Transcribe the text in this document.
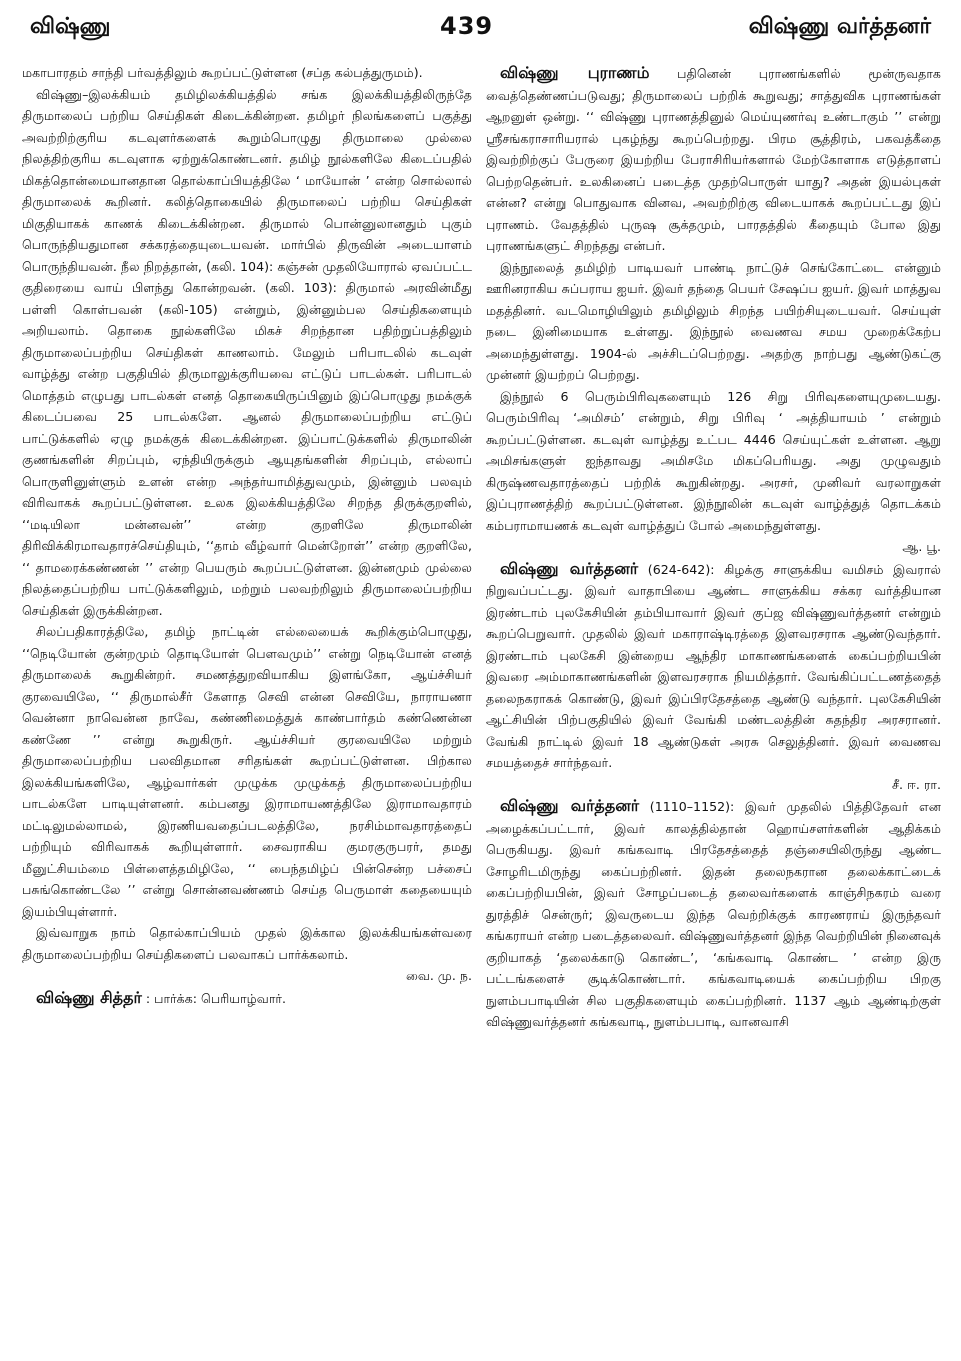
விஷ்ணு	439	விஷ்ணு வர்த்தனர்

மகாபாரதம் சாந்தி பர்வத்திலும் கூறப்பட்டுள்ளன (சப்த கல்பத்துருமம்).

விஷ்ணு–இலக்கியம் தமிழிலக்கியத்தில் சங்க இலக்கியத்திலிருந்தே திருமாலைப் பற்றிய செய்திகள் கிடைக்கின்றன. தமிழர் நிலங்களைப் பகுத்து அவற்றிற்குரிய கடவுளர்களைக் கூறும்பொழுது திருமாலை முல்லை நிலத்திற்குரிய கடவுளாக ஏற்றுக்கொண்டனர். தமிழ் நூல்களிலே கிடைப்பதில் மிகத்தொன்மையானதான தொல்காப்பியத்திலே ‘ மாயோன் ’ என்ற சொல்லால் திருமாலைக் கூறினர். கலித்தொகையில் திருமாலைப் பற்றிய செய்திகள் மிகுதியாகக் காணக் கிடைக்கின்றன. திருமால் பொன்னுலானதும் புகும் பொருந்தியதுமான சக்கரத்தையுடையவன். மார்பில் திருவின் அடையாளம் பொருந்தியவன். நீல நிறத்தான், (கலி. 104): கஞ்சன் முதலியோரால் ஏவப்பட்ட குதிரையை வாய் பிளந்து கொன்றவன். (கலி. 103): திருமால் அரவின்மீது பள்ளி கொள்பவன் (கலி-105) என்றும், இன்னும்பல செய்திகளையும் அறியலாம். தொகை நூல்களிலே மிகச் சிறந்தான பதிற்றுப்பத்திலும் திருமாலைப்பற்றிய செய்திகள் காணலாம். மேலும் பரிபாடலில் கடவுள் வாழ்த்து என்ற பகுதியில் திருமாலுக்குரியவை எட்டுப் பாடல்கள். பரிபாடல் மொத்தம் எழுபது பாடல்கள் எனத் தொகையிருப்பினும் இப்பொழுது நமக்குக் கிடைப்பவை 25 பாடல்களே. ஆனல் திருமாலைப்பற்றிய எட்டுப் பாட்டுக்களில் ஏழு நமக்குக் கிடைக்கின்றன. இப்பாட்டுக்களில் திருமாலின் குணங்களின் சிறப்பும், ஏந்தியிருக்கும் ஆயுதங்களின் சிறப்பும், எல்லாப் பொருளினுள்ளும் உளன் என்ற அந்தர்யாமித்துவமும், இன்னும் பலவும் விரிவாகக் கூறப்பட்டுள்ளன. உலக இலக்கியத்திலே சிறந்த திருக்குறளில், ‘‘மடியிலா மன்னவன்’’ என்ற குறளிலே திருமாலின் திரிவிக்கிரமாவதாரச்செய்தியும், ‘‘தாம் வீழ்வார் மென்றோள்’’ என்ற குறளிலே, ‘‘ தாமரைக்கண்ணன் ’’ என்ற பெயரும் கூறப்பட்டுள்ளன. இன்னமும் முல்லை நிலத்தைப்பற்றிய பாட்டுக்களிலும், மற்றும் பலவற்றிலும் திருமாலைப்பற்றிய செய்திகள் இருக்கின்றன.

சிலப்பதிகாரத்திலே, தமிழ் நாட்டின் எல்லையைக் கூறிக்கும்பொழுது, ‘‘நெடியோன் குன்றமும் தொடியோள் பௌவமும்’’ என்று நெடியோன் எனத் திருமாலைக் கூறுகின்றர். சமணத்துறவியாகிய இளங்கோ, ஆய்ச்சியர் குரவையிலே, ‘‘ திருமால்சீர் கேளாத செவி என்ன செவியே, நாராயணா வென்னா நாவென்ன நாவே, கண்ணிமைத்துக் காண்பார்தம் கண்ணென்ன கண்ணே ’’ என்று கூறுகிருர். ஆய்ச்சியர் குரவையிலே மற்றும் திருமாலைப்பற்றிய பலவிதமான சரிதங்கள் கூறப்பட்டுள்ளன. பிற்கால இலக்கியங்களிலே, ஆழ்வார்கள் முழுக்க முழுக்கத் திருமாலைப்பற்றிய பாடல்களே பாடியுள்ளனர். கம்பனது இராமாயணத்திலே இராமாவதாரம் மட்டிலுமல்லாமல், இரணியவதைப்படலத்திலே, நரசிம்மாவதாரத்தைப் பற்றியும் விரிவாகக் கூறியுள்ளார். சைவராகிய குமரகுருபரர், தமது மீனுட்சியம்மை பிள்ளைத்தமிழிலே, ‘‘ பைந்தமிழ்ப் பின்சென்ற பச்சைப் பசுங்கொண்டலே ’’ என்று சொன்னவண்ணம் செய்த பெருமாள் கதையையும் இயம்பியுள்ளார்.

இவ்வாறுக நாம் தொல்காப்பியம் முதல் இக்கால இலக்கியங்கள்வரை திருமாலைப்பற்றிய செய்திகளைப் பலவாகப் பார்க்கலாம்.

வை. மு. ந.

விஷ்ணு சித்தர் : பார்க்க: பெரியாழ்வார்.

விஷ்ணு புராணம் பதினென் புராணங்களில் மூன்ருவதாக வைத்தெண்ணப்படுவது; திருமாலைப் பற்றிக் கூறுவது; சாத்துவிக புராணங்கள் ஆறனுள் ஒன்று. ‘‘ விஷ்ணு புராணத்தினுல் மெய்யுணர்வு உண்டாகும் ’’ என்று ஸ்ரீசங்கராசாரியரால் புகழ்ந்து கூறப்பெற்றது. பிரம சூத்திரம், பகவத்கீதை இவற்றிற்குப் பேருரை இயற்றிய பேராசிரியர்களால் மேற்கோளாக எடுத்தாளப் பெற்றதென்பர். உலகினைப் படைத்த முதற்பொருள் யாது? அதன் இயல்புகள் என்ன? என்று பொதுவாக வினவ, அவற்றிற்கு விடையாகக் கூறப்பட்டது இப் புராணம். வேதத்தில் புருஷ சூக்தமும், பாரதத்தில் கீதையும் போல இது புராணங்களுட் சிறந்தது என்பர்.

இந்நூலைத் தமிழிற் பாடியவர் பாண்டி நாட்டுச் செங்கோட்டை என்னும் ஊரினராகிய சுப்பராய ஐயர். இவர் தந்தை பெயர் சேஷப்ப ஐயர். இவர் மாத்துவ மதத்தினர். வடமொழியிலும் தமிழிலும் சிறந்த பயிற்சியுடையவர். செய்யுள் நடை இனிமையாக உள்ளது. இந்நூல் வைணவ சமய முறைக்கேற்ப அமைந்துள்ளது. 1904-ல் அச்சிடப்பெற்றது. அதற்கு நாற்பது ஆண்டுகட்கு முன்னர் இயற்றப் பெற்றது.

இந்நூல் 6 பெரும்பிரிவுகளையும் 126 சிறு பிரிவுகளையுமுடையது. பெரும்பிரிவு ‘அமிசம்’ என்றும், சிறு பிரிவு ‘ அத்தியாயம் ’ என்றும் கூறப்பட்டுள்ளன. கடவுள் வாழ்த்து உட்பட 4446 செய்யுட்கள் உள்ளன. ஆறு அமிசங்களுள் ஐந்தாவது அமிசமே மிகப்பெரியது. அது முழுவதும் கிருஷ்ணவதாரத்தைப் பற்றிக் கூறுகின்றது. அரசர், முனிவர் வரலாறுகள் இப்புராணத்திற் கூறப்பட்டுள்ளன. இந்நூலின் கடவுள் வாழ்த்துத் தொடக்கம் கம்பராமாயணக் கடவுள் வாழ்த்துப் போல் அமைந்துள்ளது.

ஆ. பூ.

விஷ்ணு வர்த்தனர் (624-642): கிழக்கு சாளுக்கிய வமிசம் இவரால் நிறுவப்பட்டது. இவர் வாதாபியை ஆண்ட சாளுக்கிய சக்கர வர்த்தியான இரண்டாம் புலகேசியின் தம்பியாவார் இவர் குப்ஜ விஷ்ணுவர்த்தனர் என்றும் கூறப்பெறுவார். முதலில் இவர் மகாராஷ்டிரத்தை இளவரசராக ஆண்டுவந்தார். இரண்டாம் புலகேசி இன்றைய ஆந்திர மாகாணங்களைக் கைப்பற்றியபின் இவரை அம்மாகாணங்களின் இளவரசராக நியமித்தார். வேங்கிப்பட்டணத்தைத் தலைநகராகக் கொண்டு, இவர் இப்பிரதேசத்தை ஆண்டு வந்தார். புலகேசியின் ஆட்சியின் பிற்பகுதியில் இவர் வேங்கி மண்டலத்தின் சுதந்திர அரசரானர். வேங்கி நாட்டில் இவர் 18 ஆண்டுகள் அரசு செலுத்தினர். இவர் வைணவ சமயத்தைச் சார்ந்தவர்.

சீ. ஈ. ரா.

விஷ்ணு வர்த்தனர் (1110–1152): இவர் முதலில் பித்திதேவர் என அழைக்கப்பட்டார், இவர் காலத்தில்தான் ஹொய்சளர்களின் ஆதிக்கம் பெருகியது. இவர் கங்கவாடி பிரதேசத்தைத் தஞ்சையிலிருந்து ஆண்ட சோழரிடமிருந்து கைப்பற்றினர். இதன் தலைநகரான தலைக்காட்டைக் கைப்பற்றியபின், இவர் சோழப்படைத் தலைவர்களைக் காஞ்சிநகரம் வரை துரத்திச் சென்ருர்; இவருடைய இந்த வெற்றிக்குக் காரணராய் இருந்தவர் கங்கராயர் என்ற படைத்தலைவர். விஷ்ணுவர்த்தனர் இந்த வெற்றியின் நினைவுக் குறியாகத் ‘தலைக்காடு கொண்ட’, ‘கங்கவாடி கொண்ட ’ என்ற இரு பட்டங்களைச் சூடிக்கொண்டார். கங்கவாடியைக் கைப்பற்றிய பிறகு நுளம்பபாடியின் சில பகுதிகளையும் கைப்பற்றினர். 1137 ஆம் ஆண்டிற்குள் விஷ்ணுவர்த்தனர் கங்கவாடி, நுளம்பபாடி, வானவாசி
